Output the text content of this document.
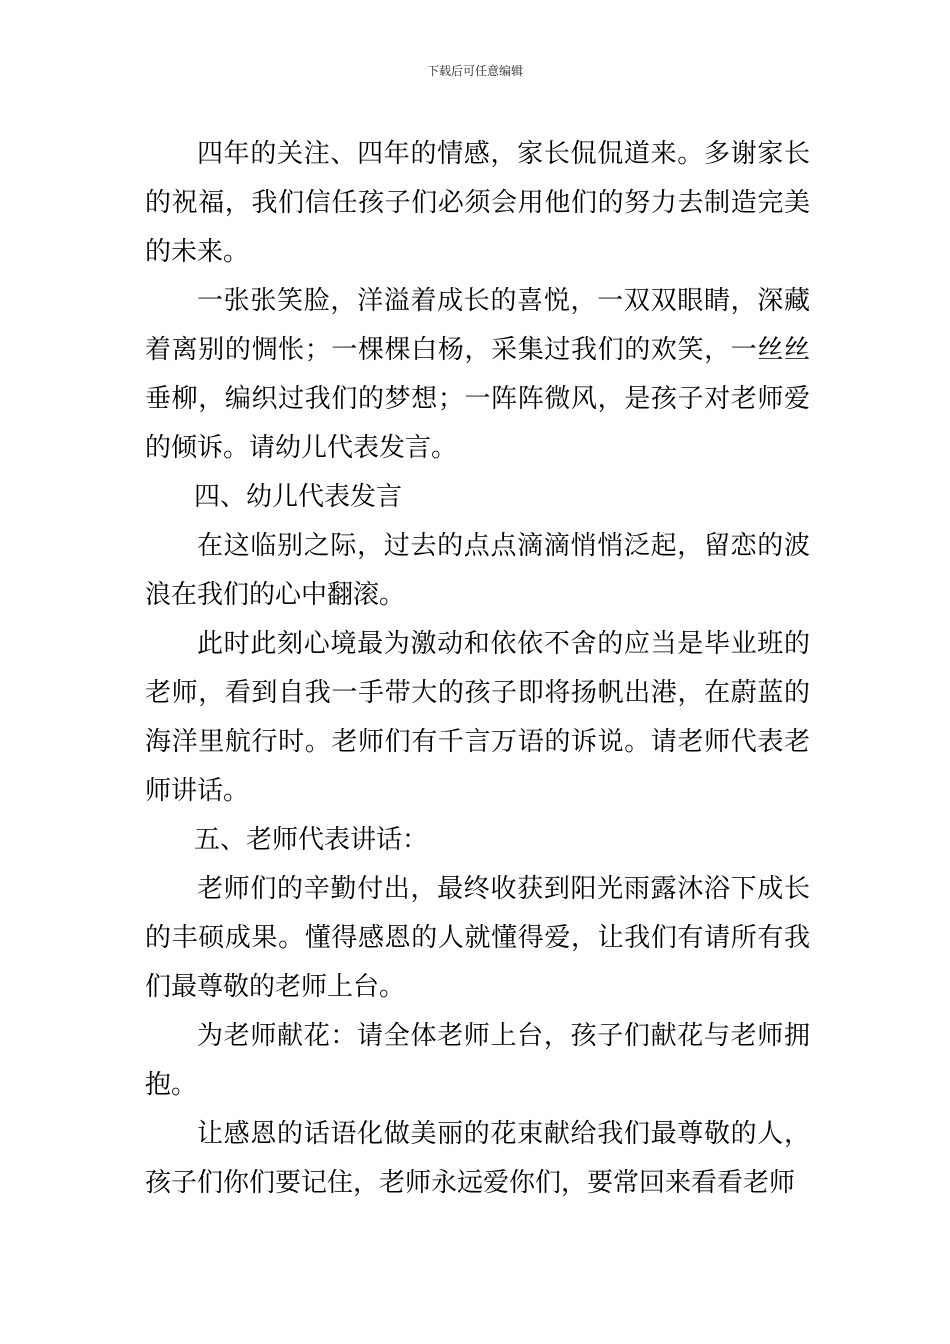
下载后可任意编辑

四年的关注、四年的情感，家长侃侃道来。多谢家长的祝福，我们信任孩子们必须会用他们的努力去制造完美的未来。

一张张笑脸，洋溢着成长的喜悦，一双双眼睛，深藏着离别的惆怅；一棵棵白杨，采集过我们的欢笑，一丝丝垂柳，编织过我们的梦想；一阵阵微风，是孩子对老师爱的倾诉。请幼儿代表发言。

四、幼儿代表发言

在这临别之际，过去的点点滴滴悄悄泛起，留恋的波浪在我们的心中翻滚。

此时此刻心境最为激动和依依不舍的应当是毕业班的老师，看到自我一手带大的孩子即将扬帆出港，在蔚蓝的海洋里航行时。老师们有千言万语的诉说。请老师代表老师讲话。

五、老师代表讲话：

老师们的辛勤付出，最终收获到阳光雨露沐浴下成长的丰硕成果。懂得感恩的人就懂得爱，让我们有请所有我们最尊敬的老师上台。

为老师献花：请全体老师上台，孩子们献花与老师拥抱。

让感恩的话语化做美丽的花束献给我们最尊敬的人，孩子们你们要记住，老师永远爱你们，要常回来看看老师
